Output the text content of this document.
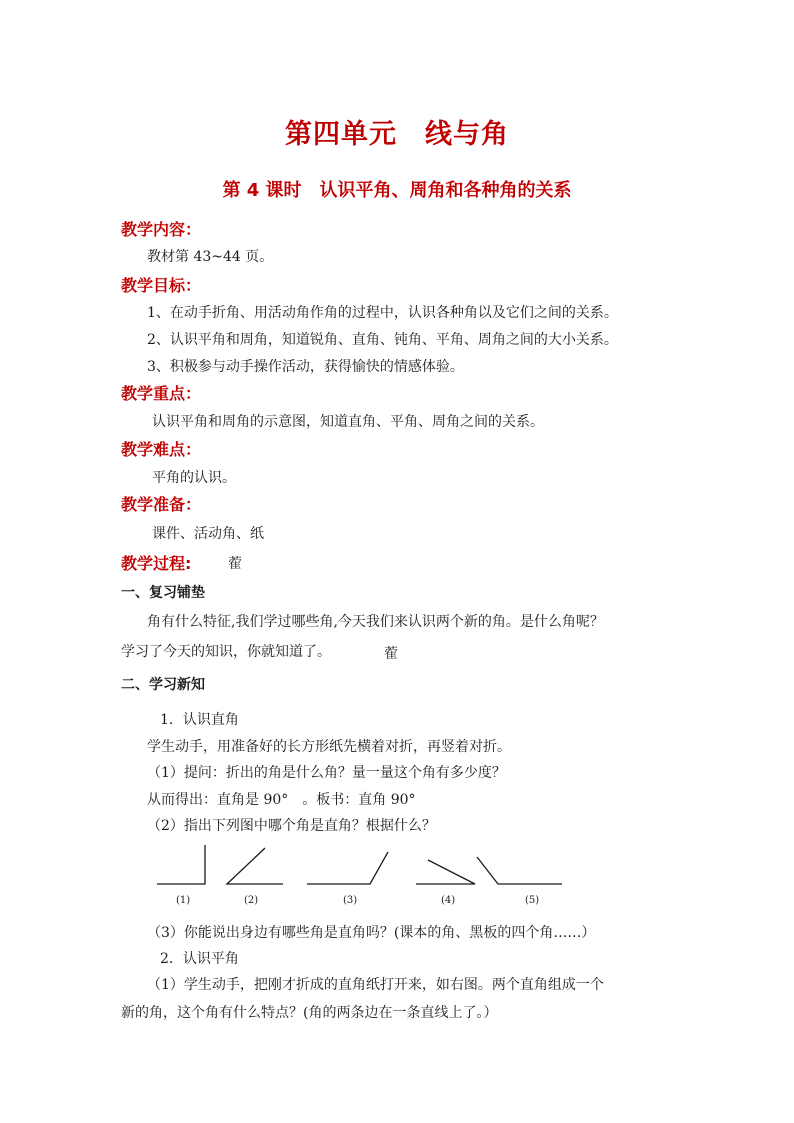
第四单元　线与角
第 4 课时　认识平角、周角和各种角的关系
教学内容：
教材第 43~44 页。
教学目标：
1、在动手折角、用活动角作角的过程中，认识各种角以及它们之间的关系。
2、认识平角和周角，知道锐角、直角、钝角、平角、周角之间的大小关系。
3、积极参与动手操作活动，获得愉快的情感体验。
教学重点：
认识平角和周角的示意图，知道直角、平角、周角之间的关系。
教学难点：
平角的认识。
教学准备：
课件、活动角、纸
教学过程:	蒮
一、复习铺垫
角有什么特征,我们学过哪些角,今天我们来认识两个新的角。是什么角呢？
学习了今天的知识，你就知道了。	蒮
二、学习新知
1．认识直角
学生动手，用准备好的长方形纸先横着对折，再竖着对折。
（1）提问：折出的角是什么角？量一量这个角有多少度？
从而得出：直角是 90°　。板书：直角 90°
（2）指出下列图中哪个角是直角？根据什么？
(1)	(2)	(3)	(4)	(5)
（3）你能说出身边有哪些角是直角吗？(课本的角、黑板的四个角……）
2．认识平角
（1）学生动手，把刚才折成的直角纸打开来，如右图。两个直角组成一个
新的角，这个角有什么特点？(角的两条边在一条直线上了。）
